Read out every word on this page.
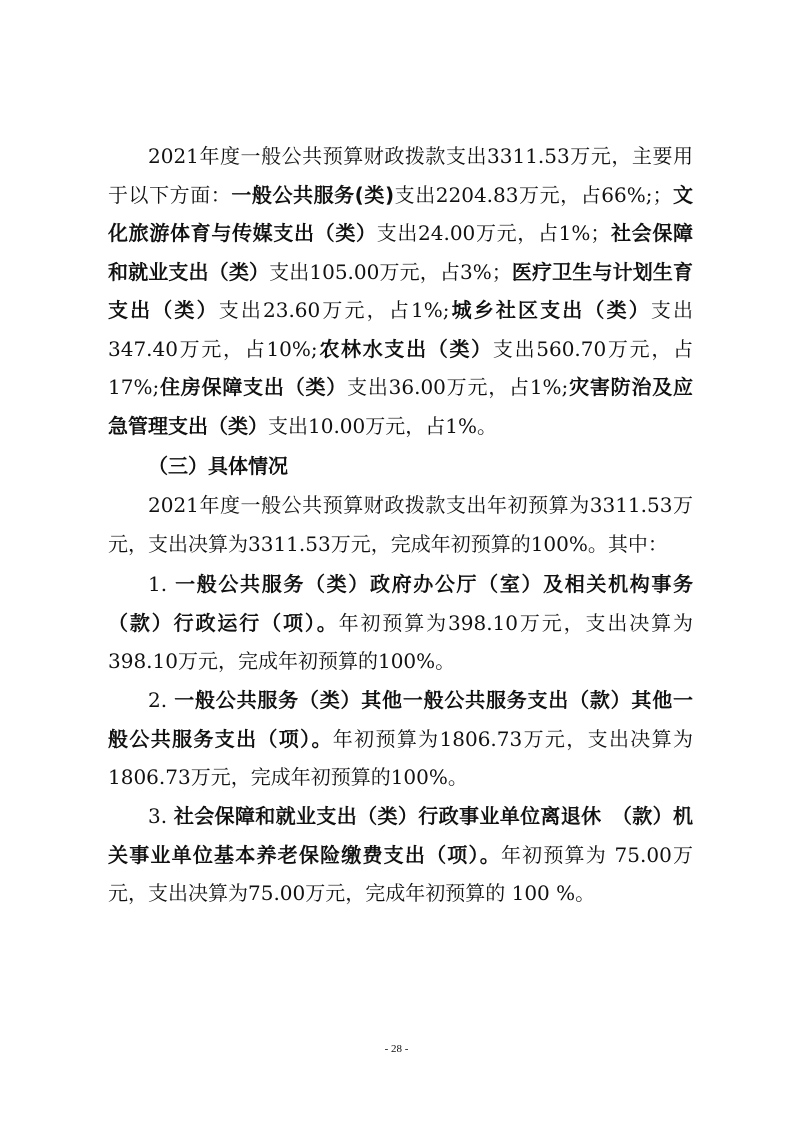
2021年度一般公共预算财政拨款支出3311.53万元，主要用于以下方面：一般公共服务(类)支出2204.83万元，占66%;；文化旅游体育与传媒支出（类）支出24.00万元，占1%；社会保障和就业支出（类）支出105.00万元，占3%；医疗卫生与计划生育支出（类）支出23.60万元，占1%;城乡社区支出（类）支出347.40万元，占10%;农林水支出（类）支出560.70万元，占17%;住房保障支出（类）支出36.00万元，占1%;灾害防治及应急管理支出（类）支出10.00万元，占1%。

（三）具体情况

2021年度一般公共预算财政拨款支出年初预算为3311.53万元，支出决算为3311.53万元，完成年初预算的100%。其中：

1. 一般公共服务（类）政府办公厅（室）及相关机构事务（款）行政运行（项）。年初预算为398.10万元，支出决算为398.10万元，完成年初预算的100%。

2. 一般公共服务（类）其他一般公共服务支出（款）其他一般公共服务支出（项）。年初预算为1806.73万元，支出决算为1806.73万元，完成年初预算的100%。

3. 社会保障和就业支出（类）行政事业单位离退休　（款）机关事业单位基本养老保险缴费支出（项）。年初预算为 75.00万元，支出决算为75.00万元，完成年初预算的 100 %。

- 28 -
